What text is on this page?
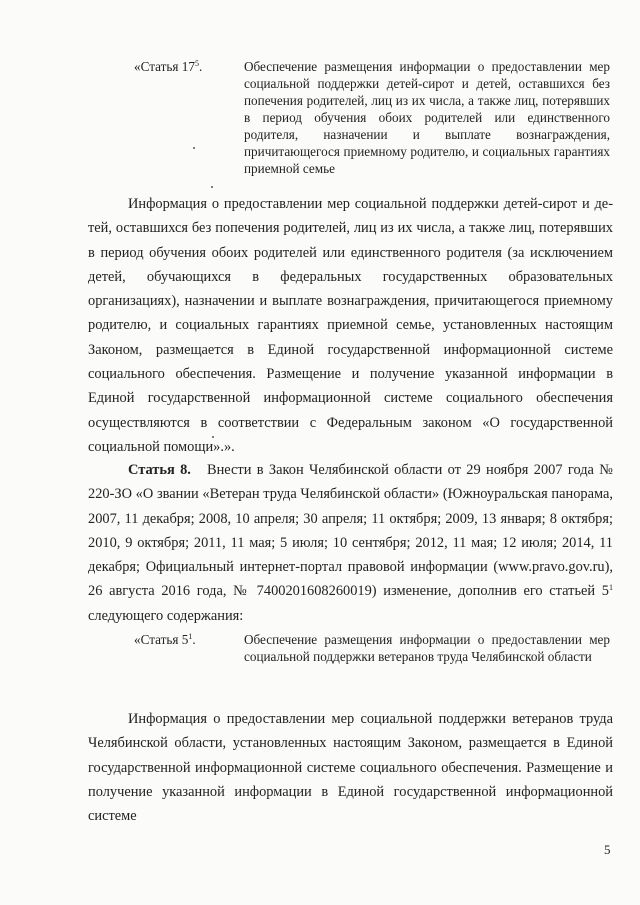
«Статья $17^5$.	Обеспечение размещения информации о предоставлении мер социальной поддержки детей-сирот и детей, оставшихся без попечения родителей, лиц из их числа, а также лиц, потерявших в период обучения обоих родителей или единственного родителя, назначении и выплате вознаграждения, причитающегося приемному родителю, и социальных гарантиях приемной семье
Информация о предоставлении мер социальной поддержки детей-сирот и детей, оставшихся без попечения родителей, лиц из их числа, а также лиц, потерявших в период обучения обоих родителей или единственного родителя (за исключением детей, обучающихся в федеральных государственных образовательных организациях), назначении и выплате вознаграждения, причитающегося приемному родителю, и социальных гарантиях приемной семье, установленных настоящим Законом, размещается в Единой государственной информационной системе социального обеспечения. Размещение и получение указанной информации в Единой государственной информационной системе социального обеспечения осуществляются в соответствии с Федеральным законом «О государственной социальной помощи».».
Статья 8. Внести в Закон Челябинской области от 29 ноября 2007 года № 220-ЗО «О звании «Ветеран труда Челябинской области» (Южноуральская панорама, 2007, 11 декабря; 2008, 10 апреля; 30 апреля; 11 октября; 2009, 13 января; 8 октября; 2010, 9 октября; 2011, 11 мая; 5 июля; 10 сентября; 2012, 11 мая; 12 июля; 2014, 11 декабря; Официальный интернет-портал правовой информации (www.pravo.gov.ru), 26 августа 2016 года, № 7400201608260019) изменение, дополнив его статьей $5^1$ следующего содержания:
«Статья $5^1$.	Обеспечение размещения информации о предоставлении мер социальной поддержки ветеранов труда Челябинской области
Информация о предоставлении мер социальной поддержки ветеранов труда Челябинской области, установленных настоящим Законом, размещается в Единой государственной информационной системе социального обеспечения. Размещение и получение указанной информации в Единой государственной информационной системе
5
